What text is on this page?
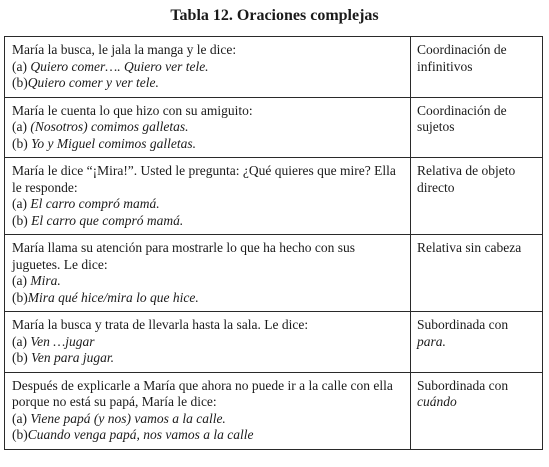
Tabla 12. Oraciones complejas
María la busca, le jala la manga y le dice:
(a) Quiero comer…. Quiero ver tele.
(b)Quiero comer y ver tele.	Coordinación de infinitivos

María le cuenta lo que hizo con su amiguito:
(a) (Nosotros) comimos galletas.
(b) Yo y Miguel comimos galletas.	Coordinación de sujetos

María le dice “¡Mira!”. Usted le pregunta: ¿Qué quieres que mire? Ella le responde:
(a) El carro compró mamá.
(b) El carro que compró mamá.	Relativa de objeto directo

María llama su atención para mostrarle lo que ha hecho con sus juguetes. Le dice:
(a) Mira.
(b)Mira qué hice/mira lo que hice.	Relativa sin cabeza

María la busca y trata de llevarla hasta la sala. Le dice:
(a) Ven …jugar
(b) Ven para jugar.	Subordinada con para.

Después de explicarle a María que ahora no puede ir a la calle con ella porque no está su papá, María le dice:
(a) Viene papá (y nos) vamos a la calle.
(b)Cuando venga papá, nos vamos a la calle	Subordinada con cuándo
